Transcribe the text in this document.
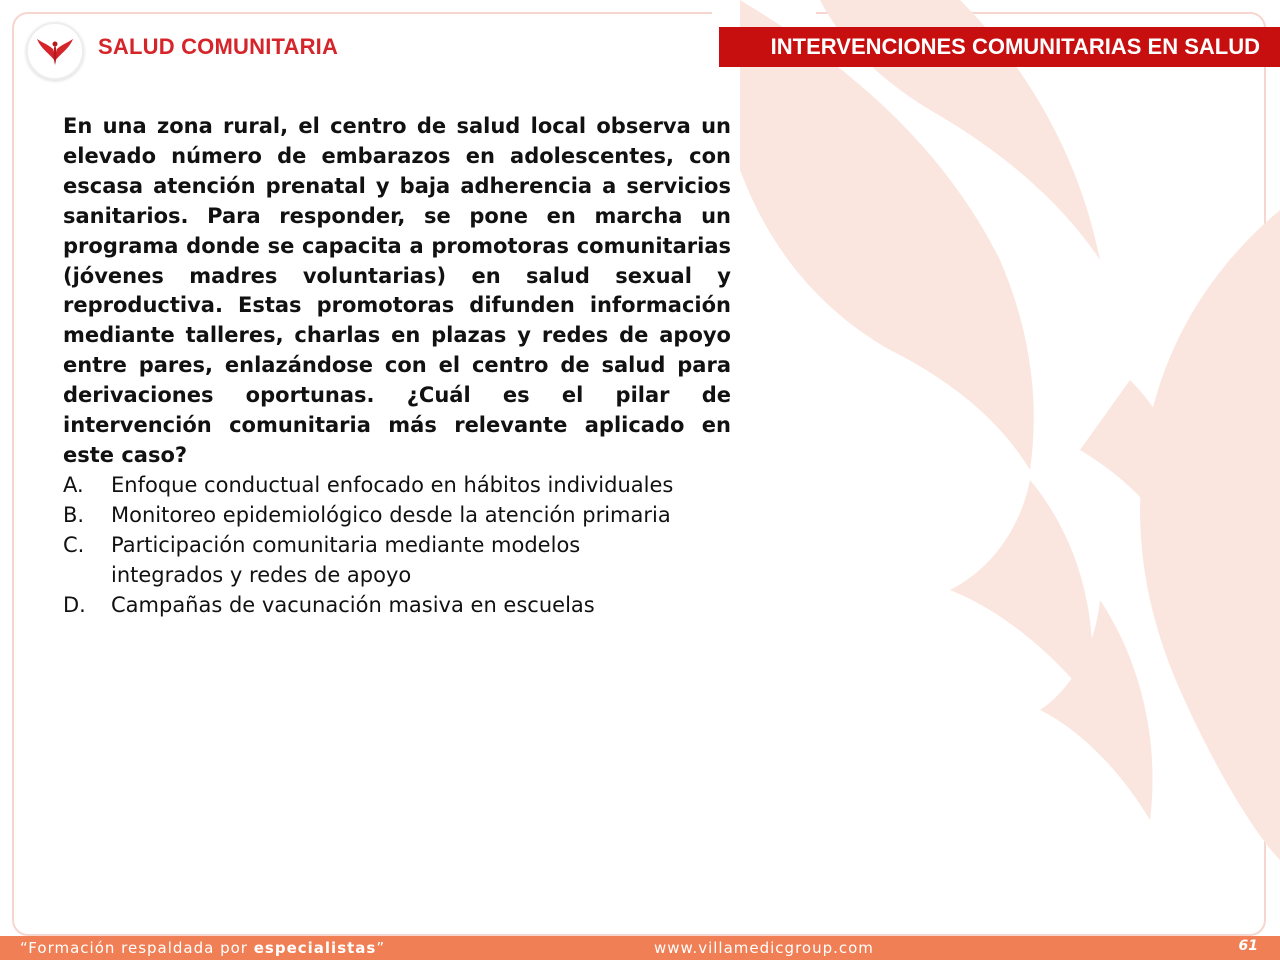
SALUD COMUNITARIA	INTERVENCIONES COMUNITARIAS EN SALUD

En una zona rural, el centro de salud local observa un elevado número de embarazos en adolescentes, con escasa atención prenatal y baja adherencia a servicios sanitarios. Para responder, se pone en marcha un programa donde se capacita a promotoras comunitarias (jóvenes madres voluntarias) en salud sexual y reproductiva. Estas promotoras difunden información mediante talleres, charlas en plazas y redes de apoyo entre pares, enlazándose con el centro de salud para derivaciones oportunas. ¿Cuál es el pilar de intervención comunitaria más relevante aplicado en este caso?

A.	Enfoque conductual enfocado en hábitos individuales
B.	Monitoreo epidemiológico desde la atención primaria
C.	Participación comunitaria mediante modelos integrados y redes de apoyo
D.	Campañas de vacunación masiva en escuelas
“Formación respaldada por especialistas”	www.villamedicgroup.com	61
